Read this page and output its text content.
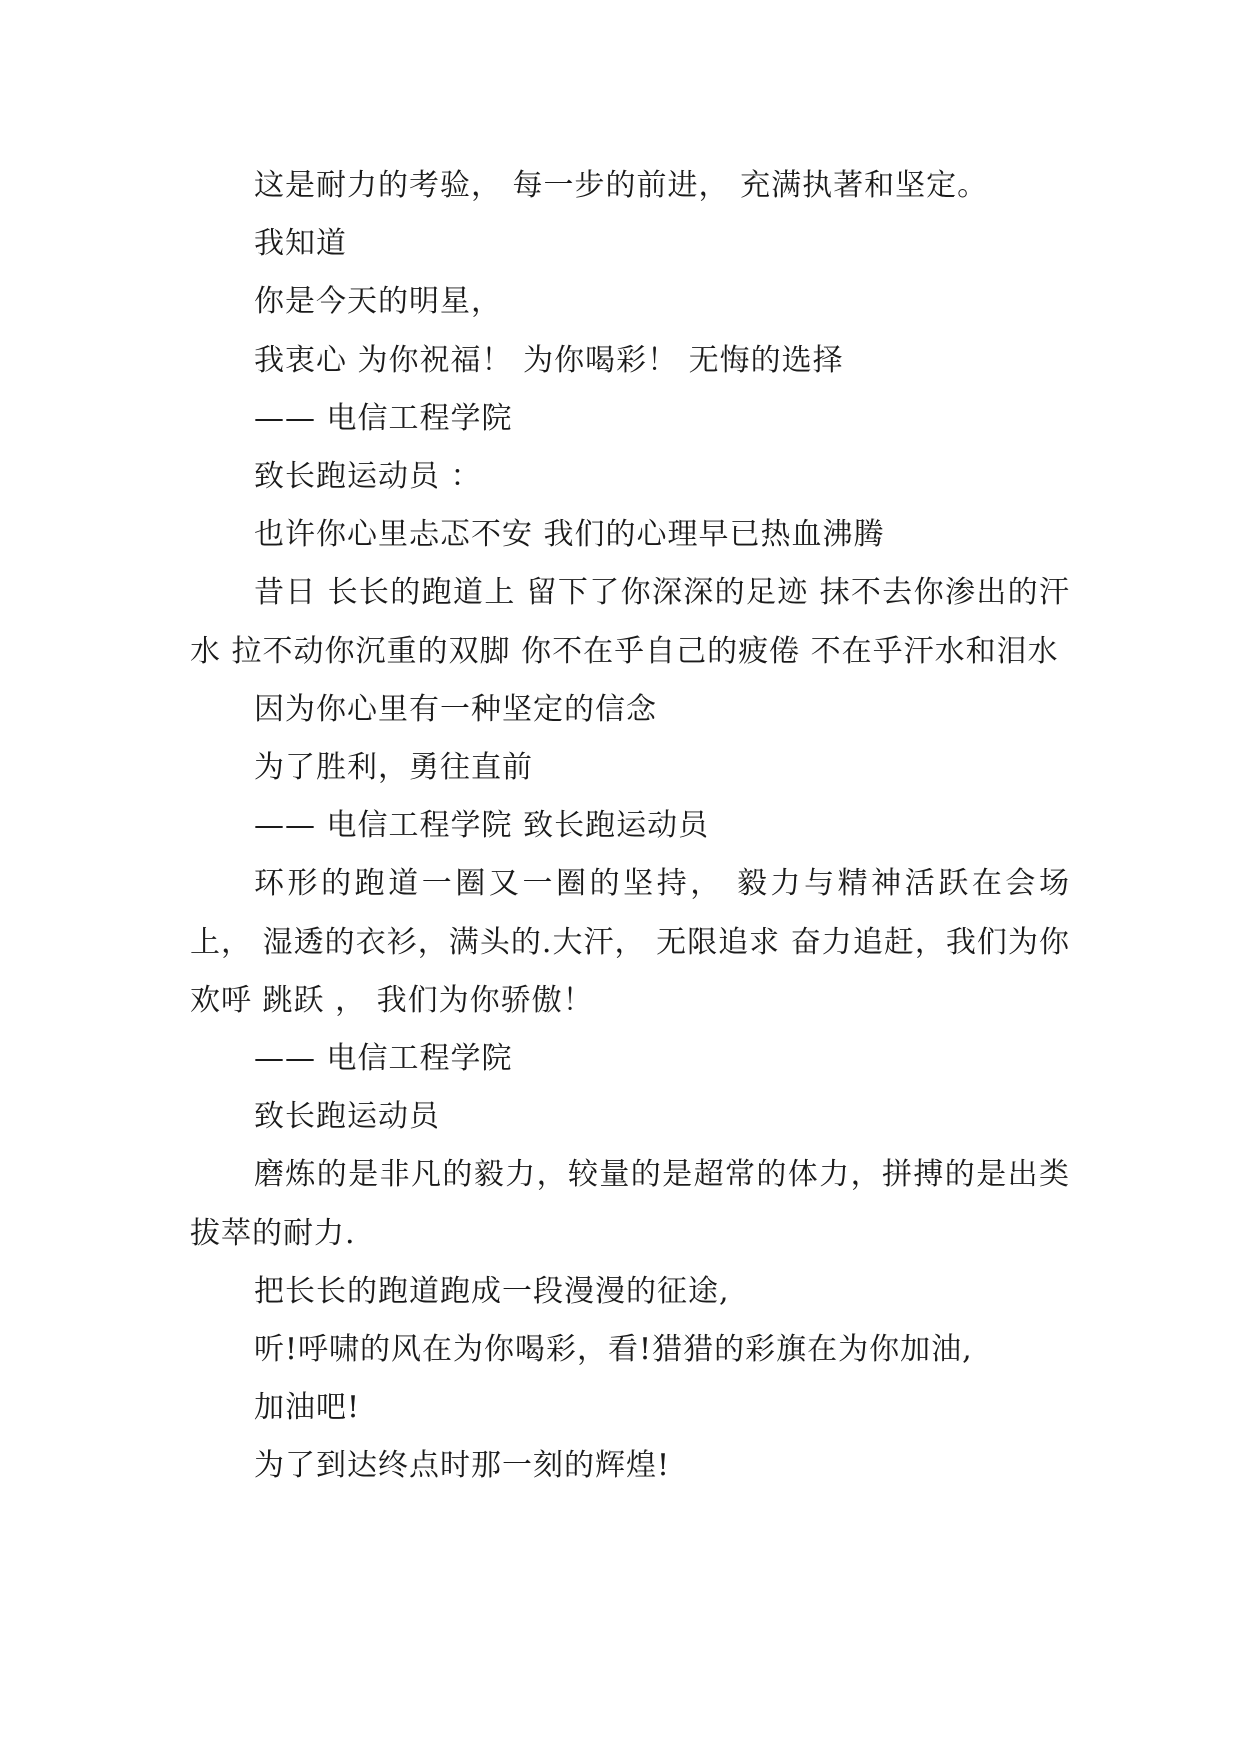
这是耐力的考验， 每一步的前进， 充满执著和坚定。

我知道

你是今天的明星，

我衷心 为你祝福！ 为你喝彩！ 无悔的选择

—— 电信工程学院

致长跑运动员 ：

也许你心里忐忑不安 我们的心理早已热血沸腾

昔日 长长的跑道上 留下了你深深的足迹 抹不去你渗出的汗水 拉不动你沉重的双脚 你不在乎自己的疲倦 不在乎汗水和泪水

因为你心里有一种坚定的信念

为了胜利，勇往直前

—— 电信工程学院 致长跑运动员

环形的跑道一圈又一圈的坚持， 毅力与精神活跃在会场上， 湿透的衣衫，满头的.大汗， 无限追求 奋力追赶，我们为你欢呼 跳跃 ， 我们为你骄傲！

—— 电信工程学院

致长跑运动员

磨炼的是非凡的毅力，较量的是超常的体力，拼搏的是出类拔萃的耐力.

把长长的跑道跑成一段漫漫的征途,

听!呼啸的风在为你喝彩，看!猎猎的彩旗在为你加油,

加油吧!

为了到达终点时那一刻的辉煌!
